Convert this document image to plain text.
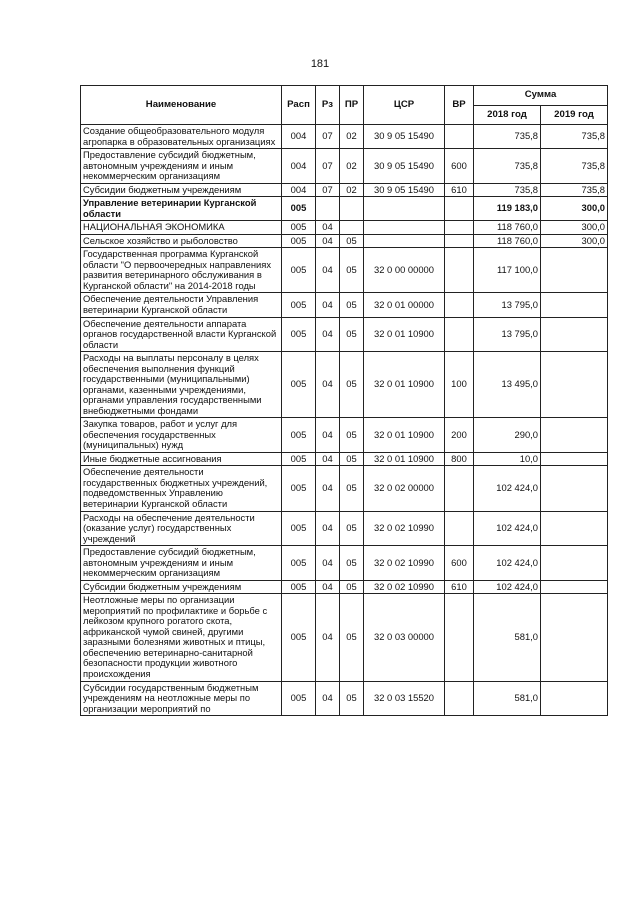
181
Наименование	Расп	Рз	ПР	ЦСР	ВР	Сумма	
						2018 год	2019 год
Создание общеобразовательного модуля агропарка в образовательных организациях	004	07	02	30 9 05 15490		735,8	735,8
Предоставление субсидий бюджетным, автономным учреждениям и иным некоммерческим организациям	004	07	02	30 9 05 15490	600	735,8	735,8
Субсидии бюджетным учреждениям	004	07	02	30 9 05 15490	610	735,8	735,8
Управление ветеринарии Курганской области	005					119 183,0	300,0
НАЦИОНАЛЬНАЯ ЭКОНОМИКА	005	04				118 760,0	300,0
Сельское хозяйство и рыболовство	005	04	05			118 760,0	300,0
Государственная программа Курганской области "О первоочередных направлениях развития ветеринарного обслуживания в Курганской области" на 2014-2018 годы	005	04	05	32 0 00 00000		117 100,0	
Обеспечение деятельности Управления ветеринарии Курганской области	005	04	05	32 0 01 00000		13 795,0	
Обеспечение деятельности аппарата органов государственной власти Курганской области	005	04	05	32 0 01 10900		13 795,0	
Расходы на выплаты персоналу в целях обеспечения выполнения функций государственными (муниципальными) органами, казенными учреждениями, органами управления государственными внебюджетными фондами	005	04	05	32 0 01 10900	100	13 495,0	
Закупка товаров, работ и услуг для обеспечения государственных (муниципальных) нужд	005	04	05	32 0 01 10900	200	290,0	
Иные бюджетные ассигнования	005	04	05	32 0 01 10900	800	10,0	
Обеспечение деятельности государственных бюджетных учреждений, подведомственных Управлению ветеринарии Курганской области	005	04	05	32 0 02 00000		102 424,0	
Расходы на обеспечение деятельности (оказание услуг) государственных учреждений	005	04	05	32 0 02 10990		102 424,0	
Предоставление субсидий бюджетным, автономным учреждениям и иным некоммерческим организациям	005	04	05	32 0 02 10990	600	102 424,0	
Субсидии бюджетным учреждениям	005	04	05	32 0 02 10990	610	102 424,0	
Неотложные меры по организации мероприятий по профилактике и борьбе с лейкозом крупного рогатого скота, африканской чумой свиней, другими заразными болезнями животных и птицы, обеспечению ветеринарно-санитарной безопасности продукции животного происхождения	005	04	05	32 0 03 00000		581,0	
Субсидии государственным бюджетным учреждениям на неотложные меры по организации мероприятий по	005	04	05	32 0 03 15520		581,0	
